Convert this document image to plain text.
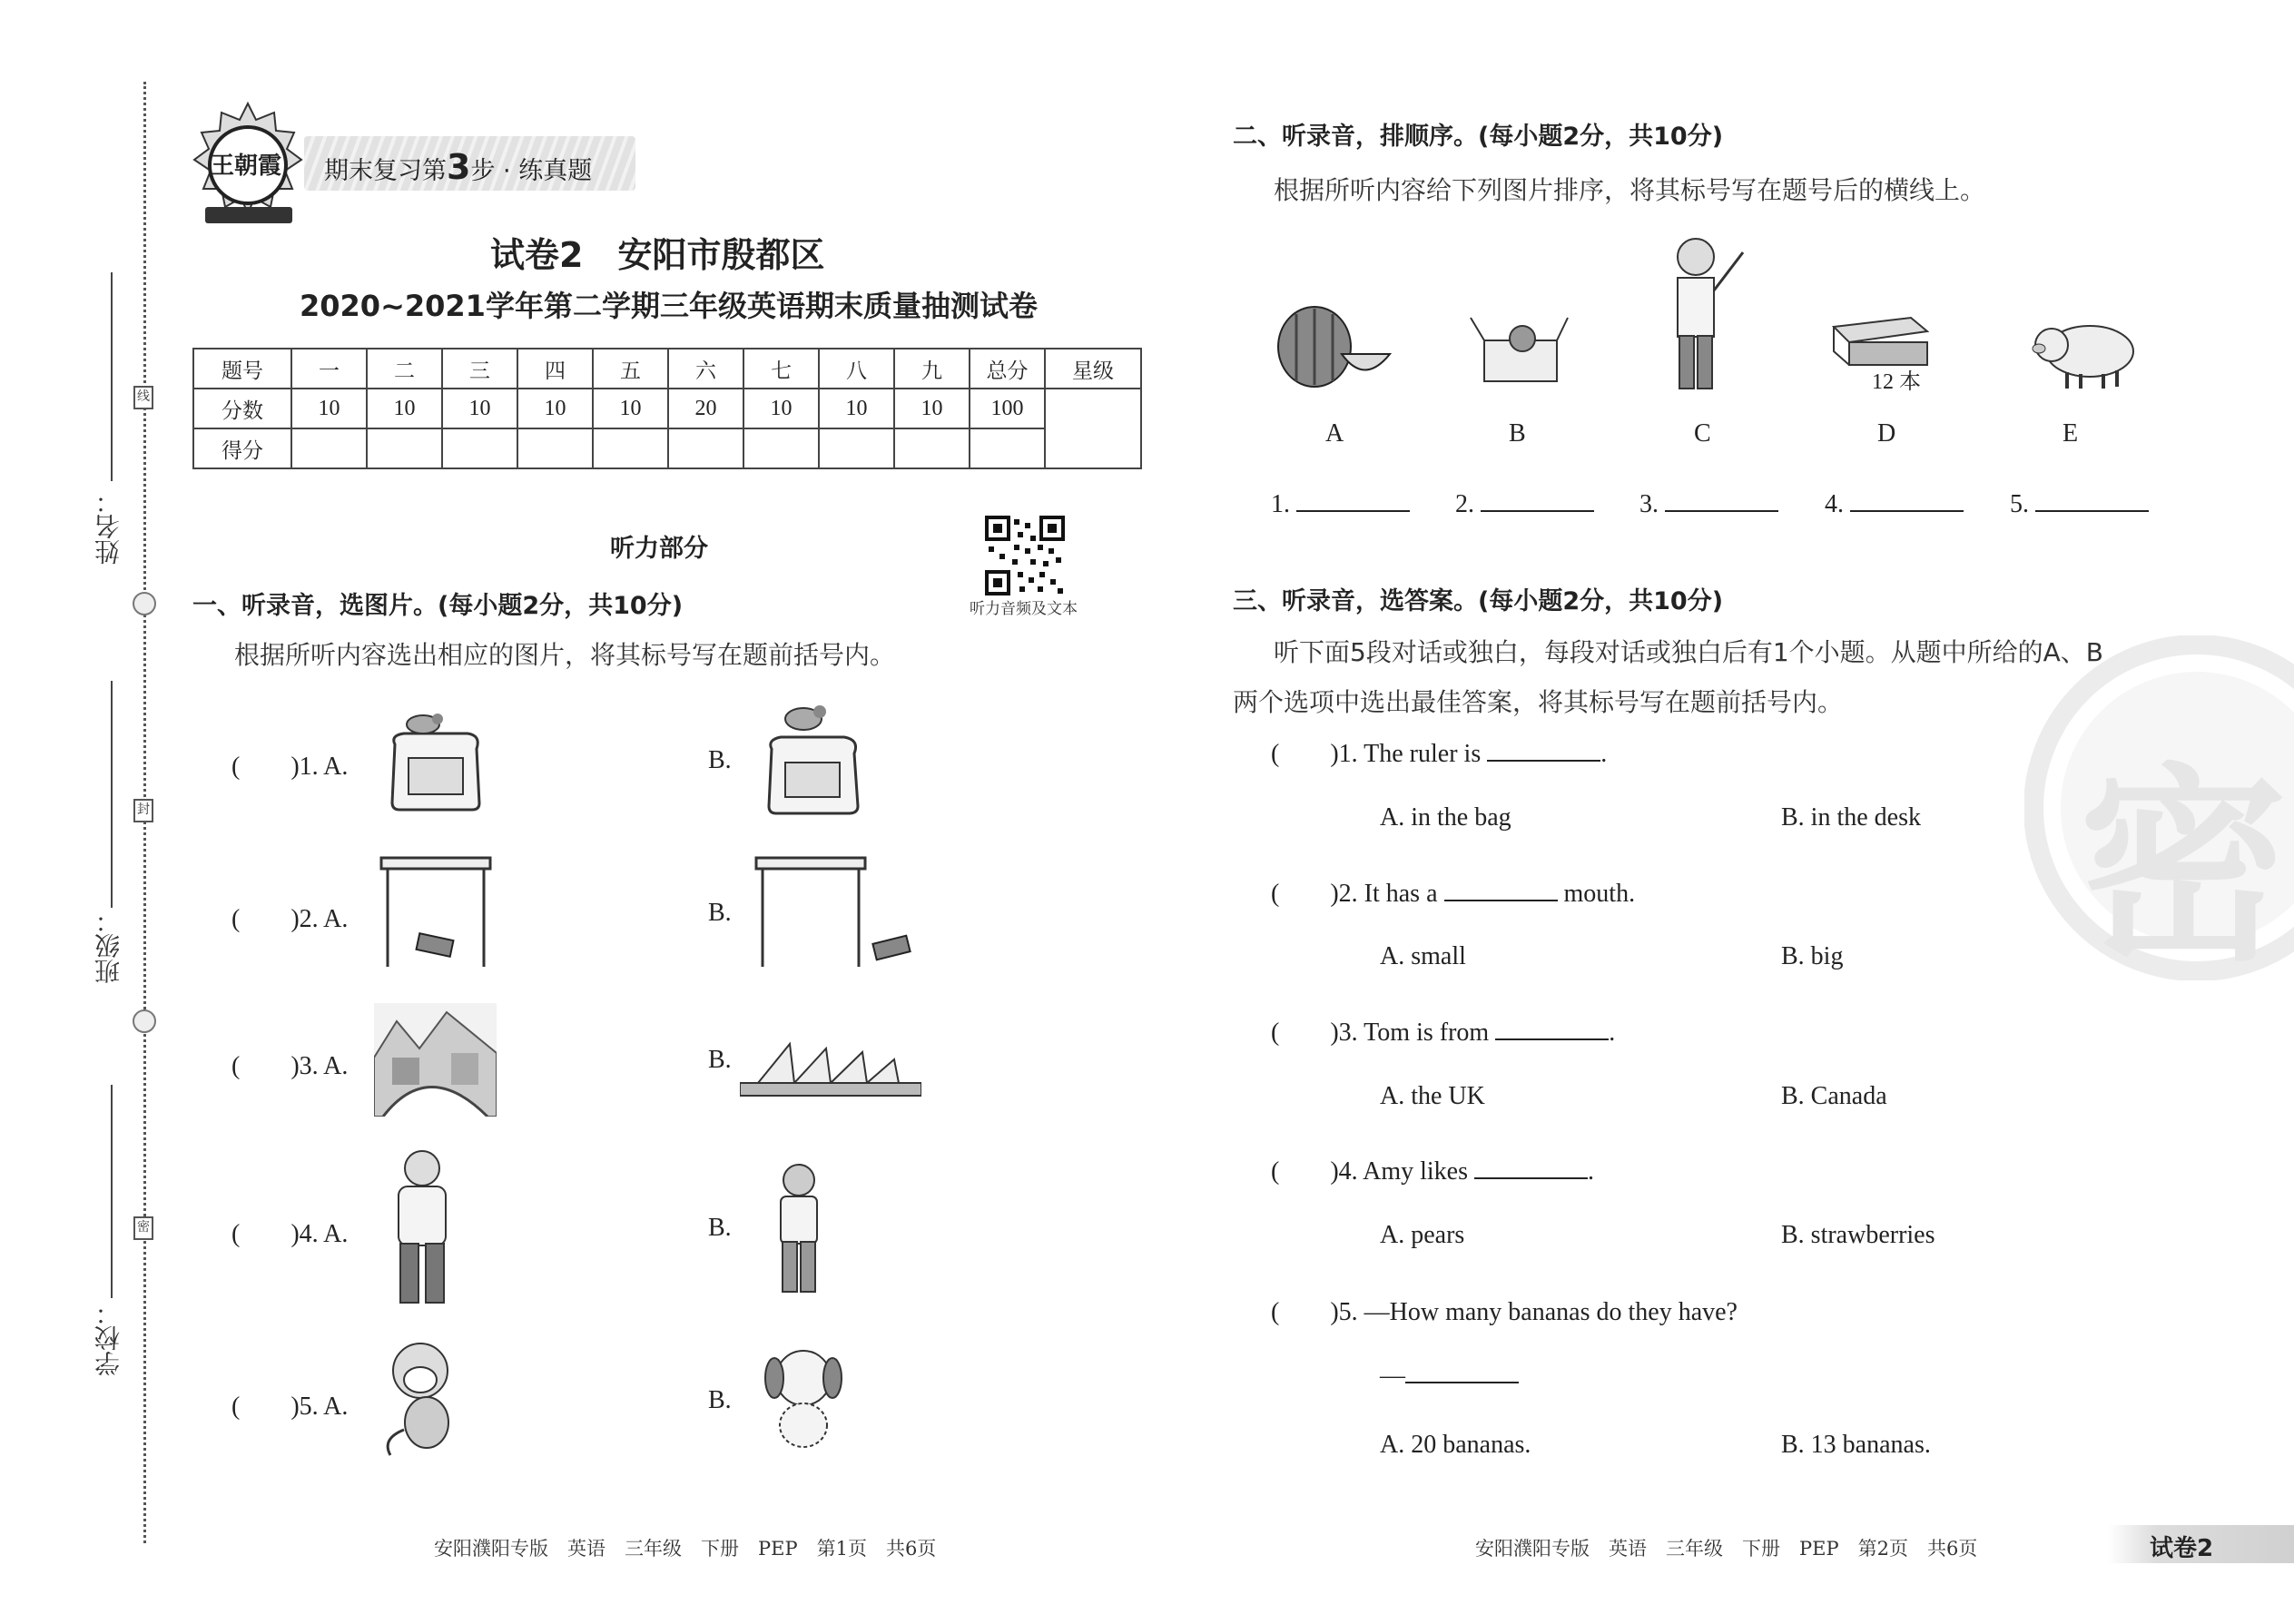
线
封
密
姓名：
班级：
学校：
王朝霞 期末复习第3步 · 练真题
试卷2　安阳市殷都区
2020~2021学年第二学期三年级英语期末质量抽测试卷
题号	一	二	三	四	五	六	七	八	九	总分	星级
分数	10	10	10	10	10	20	10	10	10	100	
得分											
听力部分
听力音频及文本
一、听录音，选图片。(每小题2分，共10分)
根据所听内容选出相应的图片，将其标号写在题前括号内。
(　　)1. A.	B.
(　　)2. A.	B.
(　　)3. A.	B.
(　　)4. A.	B.
(　　)5. A.	B.
二、听录音，排顺序。(每小题2分，共10分)
根据所听内容给下列图片排序，将其标号写在题号后的横线上。
12 本
A	B	C	D	E
1.	2.	3.	4.	5.
密
三、听录音，选答案。(每小题2分，共10分)
听下面5段对话或独白，每段对话或独白后有1个小题。从题中所给的A、B
两个选项中选出最佳答案，将其标号写在题前括号内。
(　　)1. The ruler is	.
A. in the bag	B. in the desk
(　　)2. It has a	mouth.
A. small	B. big
(　　)3. Tom is from	.
A. the UK	B. Canada
(　　)4. Amy likes	.
A. pears	B. strawberries
(　　)5. —How many bananas do they have?
—
A. 20 bananas.	B. 13 bananas.
安阳濮阳专版　英语　三年级　下册　PEP　第1页　共6页	安阳濮阳专版　英语　三年级　下册　PEP　第2页　共6页	试卷2
